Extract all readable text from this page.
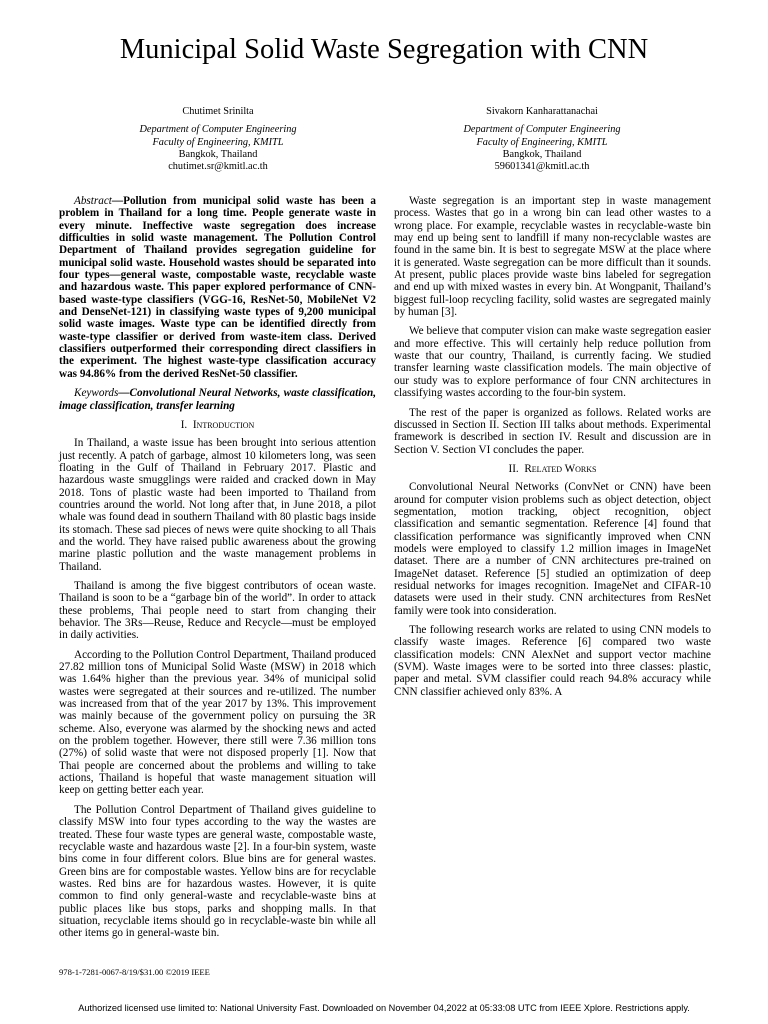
Municipal Solid Waste Segregation with CNN
Chutimet Srinilta
Department of Computer Engineering
Faculty of Engineering, KMITL
Bangkok, Thailand
chutimet.sr@kmitl.ac.th
Sivakorn Kanharattanachai
Department of Computer Engineering
Faculty of Engineering, KMITL
Bangkok, Thailand
59601341@kmitl.ac.th

Abstract—Pollution from municipal solid waste has been a problem in Thailand for a long time. People generate waste in every minute. Ineffective waste segregation does increase difficulties in solid waste management. The Pollution Control Department of Thailand provides segregation guideline for municipal solid waste. Household wastes should be separated into four types—general waste, compostable waste, recyclable waste and hazardous waste. This paper explored performance of CNN-based waste-type classifiers (VGG-16, ResNet-50, MobileNet V2 and DenseNet-121) in classifying waste types of 9,200 municipal solid waste images. Waste type can be identified directly from waste-type classifier or derived from waste-item class. Derived classifiers outperformed their corresponding direct classifiers in the experiment. The highest waste-type classification accuracy was 94.86% from the derived ResNet-50 classifier.

Keywords—Convolutional Neural Networks, waste classification, image classification, transfer learning

I. Introduction

In Thailand, a waste issue has been brought into serious attention just recently. A patch of garbage, almost 10 kilometers long, was seen floating in the Gulf of Thailand in February 2017. Plastic and hazardous waste smugglings were raided and cracked down in May 2018. Tons of plastic waste had been imported to Thailand from countries around the world. Not long after that, in June 2018, a pilot whale was found dead in southern Thailand with 80 plastic bags inside its stomach. These sad pieces of news were quite shocking to all Thais and the world. They have raised public awareness about the growing marine plastic pollution and the waste management problems in Thailand.

Thailand is among the five biggest contributors of ocean waste. Thailand is soon to be a “garbage bin of the world”. In order to attack these problems, Thai people need to start from changing their behavior. The 3Rs—Reuse, Reduce and Recycle—must be employed in daily activities.

According to the Pollution Control Department, Thailand produced 27.82 million tons of Municipal Solid Waste (MSW) in 2018 which was 1.64% higher than the previous year. 34% of municipal solid wastes were segregated at their sources and re-utilized. The number was increased from that of the year 2017 by 13%. This improvement was mainly because of the government policy on pursuing the 3R scheme. Also, everyone was alarmed by the shocking news and acted on the problem together. However, there still were 7.36 million tons (27%) of solid waste that were not disposed properly [1]. Now that Thai people are concerned about the problems and willing to take actions, Thailand is hopeful that waste management situation will keep on getting better each year.

The Pollution Control Department of Thailand gives guideline to classify MSW into four types according to the way the wastes are treated. These four waste types are general waste, compostable waste, recyclable waste and hazardous waste [2]. In a four-bin system, waste bins come in four different colors. Blue bins are for general wastes. Green bins are for compostable wastes. Yellow bins are for recyclable wastes. Red bins are for hazardous wastes. However, it is quite common to find only general-waste and recyclable-waste bins at public places like bus stops, parks and shopping malls. In that situation, recyclable items should go in recyclable-waste bin while all other items go in general-waste bin.

Waste segregation is an important step in waste management process. Wastes that go in a wrong bin can lead other wastes to a wrong place. For example, recyclable wastes in recyclable-waste bin may end up being sent to landfill if many non-recyclable wastes are found in the same bin. It is best to segregate MSW at the place where it is generated. Waste segregation can be more difficult than it sounds. At present, public places provide waste bins labeled for segregation and end up with mixed wastes in every bin. At Wongpanit, Thailand’s biggest full-loop recycling facility, solid wastes are segregated mainly by human [3].

We believe that computer vision can make waste segregation easier and more effective. This will certainly help reduce pollution from waste that our country, Thailand, is currently facing. We studied transfer learning waste classification models. The main objective of our study was to explore performance of four CNN architectures in classifying wastes according to the four-bin system.

The rest of the paper is organized as follows. Related works are discussed in Section II. Section III talks about methods. Experimental framework is described in section IV. Result and discussion are in Section V. Section VI concludes the paper.

II. Related Works

Convolutional Neural Networks (ConvNet or CNN) have been around for computer vision problems such as object detection, object segmentation, motion tracking, object recognition, object classification and semantic segmentation. Reference [4] found that classification performance was significantly improved when CNN models were employed to classify 1.2 million images in ImageNet dataset. There are a number of CNN architectures pre-trained on ImageNet dataset. Reference [5] studied an optimization of deep residual networks for images recognition. ImageNet and CIFAR-10 datasets were used in their study. CNN architectures from ResNet family were took into consideration.

The following research works are related to using CNN models to classify waste images. Reference [6] compared two waste classification models: CNN AlexNet and support vector machine (SVM). Waste images were to be sorted into three classes: plastic, paper and metal. SVM classifier could reach 94.8% accuracy while CNN classifier achieved only 83%. A

978-1-7281-0067-8/19/$31.00 ©2019 IEEE
Authorized licensed use limited to: National University Fast. Downloaded on November 04,2022 at 05:33:08 UTC from IEEE Xplore. Restrictions apply.
